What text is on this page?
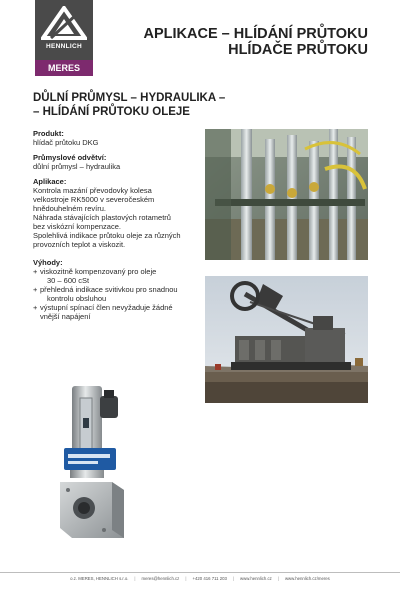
HENNLICH
MERES
APLIKACE – HLÍDÁNÍ PRŮTOKU
HLÍDAČE PRŮTOKU
DŮLNÍ PRŮMYSL – HYDRAULIKA –
– HLÍDÁNÍ PRŮTOKU OLEJE
Produkt:
hlídač průtoku DKG
Průmyslové odvětví:
důlní průmysl – hydraulika
Aplikace:
Kontrola mazání převodovky kolesa
velkostroje RK5000 v severočeském
hnědouhelném revíru.
Náhrada stávajících plastových rotametrů
bez viskózní kompenzace.
Spolehlivá indikace průtoku oleje za různých
provozních teplot a viskozit.
Výhody:
+ viskozitně kompenzovaný pro oleje
30 – 600 cSt
+ přehledná indikace svitivkou pro snadnou
kontrolu obsluhou
+ výstupní spínací člen nevyžaduje žádné
vnější napájení
o.z. MERES, HENNLICH s.r.o. | meres@hennlich.cz | +420 416 711 203 | www.hennlich.cz | www.hennlich.cz/meres
